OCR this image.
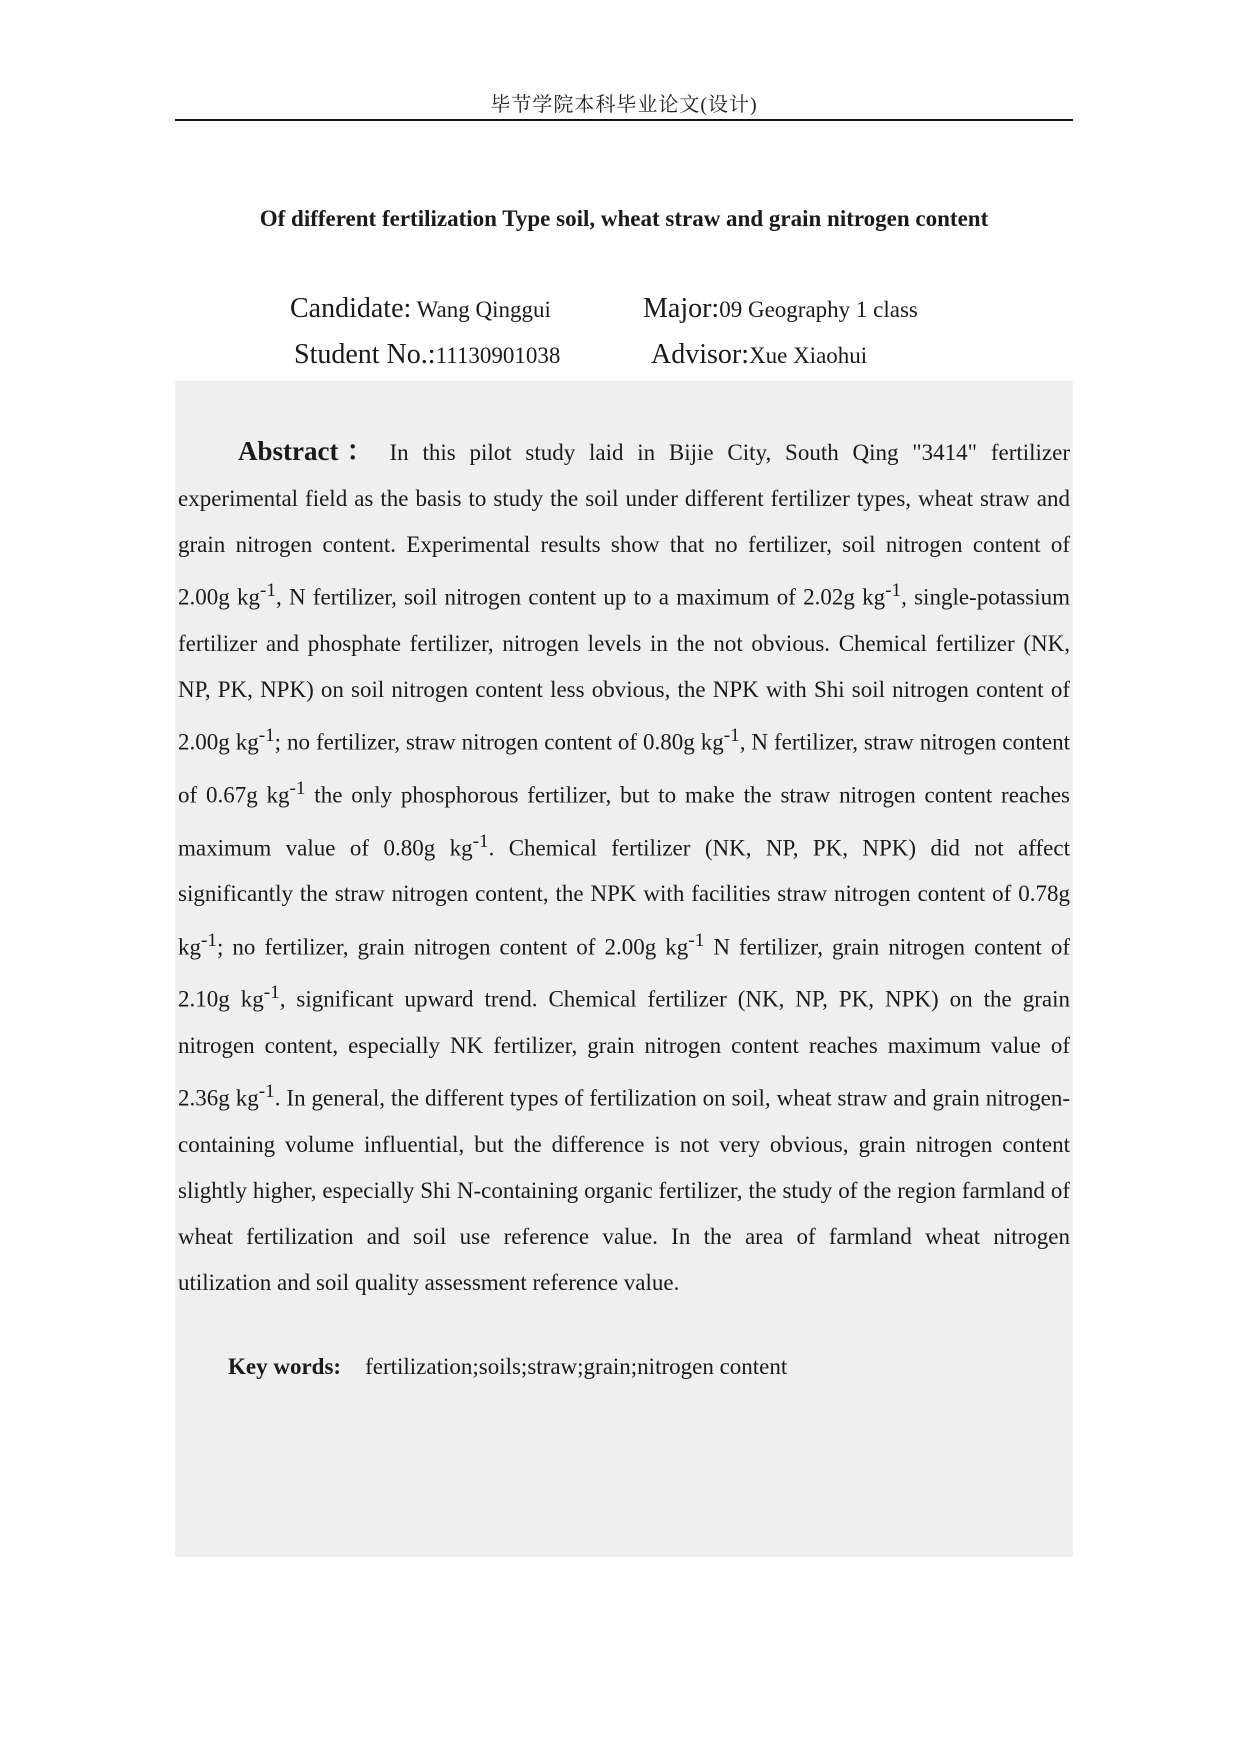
毕节学院本科毕业论文(设计)
Of different fertilization Type soil, wheat straw and grain nitrogen content
Candidate: Wang Qinggui	Major:09 Geography 1 class
Student No.:11130901038	Advisor:Xue Xiaohui

Abstract： In this pilot study laid in Bijie City, South Qing "3414" fertilizer experimental field as the basis to study the soil under different fertilizer types, wheat straw and grain nitrogen content. Experimental results show that no fertilizer, soil nitrogen content of 2.00g $kg^{-1}$, N fertilizer, soil nitrogen content up to a maximum of 2.02g $kg^{-1}$, single-potassium fertilizer and phosphate fertilizer, nitrogen levels in the not obvious. Chemical fertilizer (NK, NP, PK, NPK) on soil nitrogen content less obvious, the NPK with Shi soil nitrogen content of 2.00g $kg^{-1}$; no fertilizer, straw nitrogen content of 0.80g $kg^{-1}$, N fertilizer, straw nitrogen content of 0.67g $kg^{-1}$ the only phosphorous fertilizer, but to make the straw nitrogen content reaches maximum value of 0.80g $kg^{-1}$. Chemical fertilizer (NK, NP, PK, NPK) did not affect significantly the straw nitrogen content, the NPK with facilities straw nitrogen content of 0.78g $kg^{-1}$; no fertilizer, grain nitrogen content of 2.00g $kg^{-1}$ N fertilizer, grain nitrogen content of 2.10g $kg^{-1}$, significant upward trend. Chemical fertilizer (NK, NP, PK, NPK) on the grain nitrogen content, especially NK fertilizer, grain nitrogen content reaches maximum value of 2.36g $kg^{-1}$. In general, the different types of fertilization on soil, wheat straw and grain nitrogen-containing volume influential, but the difference is not very obvious, grain nitrogen content slightly higher, especially Shi N-containing organic fertilizer, the study of the region farmland of wheat fertilization and soil use reference value. In the area of farmland wheat nitrogen utilization and soil quality assessment reference value.

Key words: fertilization;soils;straw;grain;nitrogen content
